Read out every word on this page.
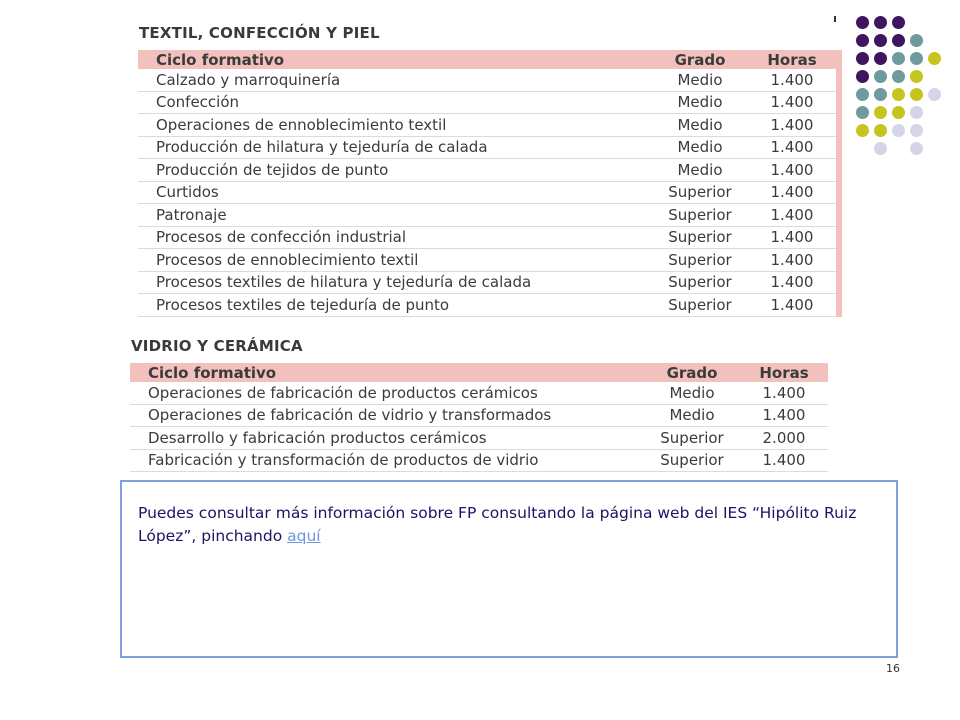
TEXTIL, CONFECCIÓN Y PIEL
Ciclo formativo	Grado	Horas
Calzado y marroquinería	Medio	1.400
Confección	Medio	1.400
Operaciones de ennoblecimiento textil	Medio	1.400
Producción de hilatura y tejeduría de calada	Medio	1.400
Producción de tejidos de punto	Medio	1.400
Curtidos	Superior	1.400
Patronaje	Superior	1.400
Procesos de confección industrial	Superior	1.400
Procesos de ennoblecimiento textil	Superior	1.400
Procesos textiles de hilatura y tejeduría de calada	Superior	1.400
Procesos textiles de tejeduría de punto	Superior	1.400
VIDRIO Y CERÁMICA
Ciclo formativo	Grado	Horas
Operaciones de fabricación de productos cerámicos	Medio	1.400
Operaciones de fabricación de vidrio y transformados	Medio	1.400
Desarrollo y fabricación productos cerámicos	Superior	2.000
Fabricación y transformación de productos de vidrio	Superior	1.400
Puedes consultar más información sobre FP consultando la página web del IES “Hipólito Ruiz López”, pinchando aquí
16
